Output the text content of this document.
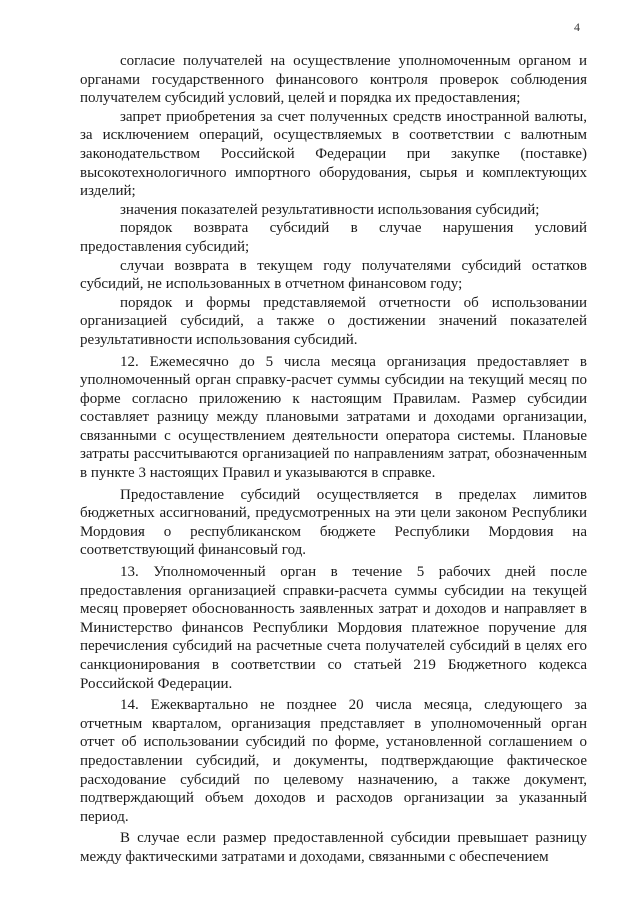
4

согласие получателей на осуществление уполномоченным органом и органами государственного финансового контроля проверок соблюдения получателем субсидий условий, целей и порядка их предоставления;

запрет приобретения за счет полученных средств иностранной валюты, за исключением операций, осуществляемых в соответствии с валютным законодательством Российской Федерации при закупке (поставке) высокотехнологичного импортного оборудования, сырья и комплектующих изделий;

значения показателей результативности использования субсидий;

порядок возврата субсидий в случае нарушения условий предоставления субсидий;

случаи возврата в текущем году получателями субсидий остатков субсидий, не использованных в отчетном финансовом году;

порядок и формы представляемой отчетности об использовании организацией субсидий, а также о достижении значений показателей результативности использования субсидий.

12. Ежемесячно до 5 числа месяца организация предоставляет в уполномоченный орган справку-расчет суммы субсидии на текущий месяц по форме согласно приложению к настоящим Правилам. Размер субсидии составляет разницу между плановыми затратами и доходами организации, связанными с осуществлением деятельности оператора системы. Плановые затраты рассчитываются организацией по направлениям затрат, обозначенным в пункте 3 настоящих Правил и указываются в справке.

Предоставление субсидий осуществляется в пределах лимитов бюджетных ассигнований, предусмотренных на эти цели законом Республики Мордовия о республиканском бюджете Республики Мордовия на соответствующий финансовый год.

13. Уполномоченный орган в течение 5 рабочих дней после предоставления организацией справки-расчета суммы субсидии на текущей месяц проверяет обоснованность заявленных затрат и доходов и направляет в Министерство финансов Республики Мордовия платежное поручение для перечисления субсидий на расчетные счета получателей субсидий в целях его санкционирования в соответствии со статьей 219 Бюджетного кодекса Российской Федерации.

14. Ежеквартально не позднее 20 числа месяца, следующего за отчетным кварталом, организация представляет в уполномоченный орган отчет об использовании субсидий по форме, установленной соглашением о предоставлении субсидий, и документы, подтверждающие фактическое расходование субсидий по целевому назначению, а также документ, подтверждающий объем доходов и расходов организации за указанный период.

В случае если размер предоставленной субсидии превышает разницу между фактическими затратами и доходами, связанными с обеспечением
